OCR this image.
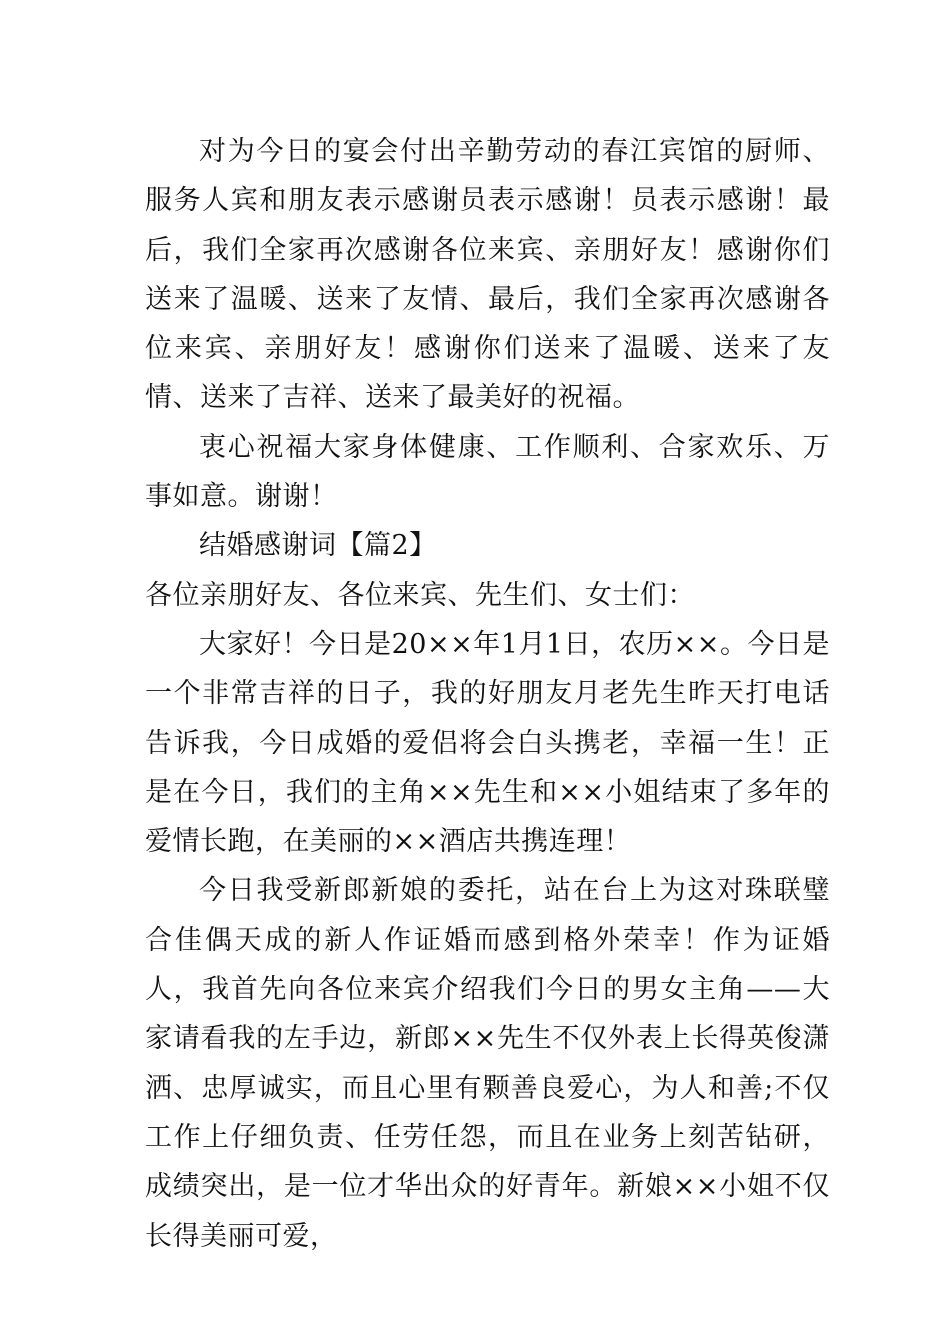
对为今日的宴会付出辛勤劳动的春江宾馆的厨师、服务人宾和朋友表示感谢员表示感谢！员表示感谢！最后，我们全家再次感谢各位来宾、亲朋好友！感谢你们送来了温暖、送来了友情、最后，我们全家再次感谢各位来宾、亲朋好友！感谢你们送来了温暖、送来了友情、送来了吉祥、送来了最美好的祝福。

衷心祝福大家身体健康、工作顺利、合家欢乐、万事如意。谢谢！

结婚感谢词【篇2】

各位亲朋好友、各位来宾、先生们、女士们：

大家好！今日是20××年1月1日，农历××。今日是一个非常吉祥的日子，我的好朋友月老先生昨天打电话告诉我，今日成婚的爱侣将会白头携老，幸福一生！正是在今日，我们的主角××先生和××小姐结束了多年的爱情长跑，在美丽的××酒店共携连理！

今日我受新郎新娘的委托，站在台上为这对珠联璧合佳偶天成的新人作证婚而感到格外荣幸！作为证婚人，我首先向各位来宾介绍我们今日的男女主角——大家请看我的左手边，新郎××先生不仅外表上长得英俊潇洒、忠厚诚实，而且心里有颗善良爱心，为人和善;不仅工作上仔细负责、任劳任怨，而且在业务上刻苦钻研，成绩突出，是一位才华出众的好青年。新娘××小姐不仅长得美丽可爱，
